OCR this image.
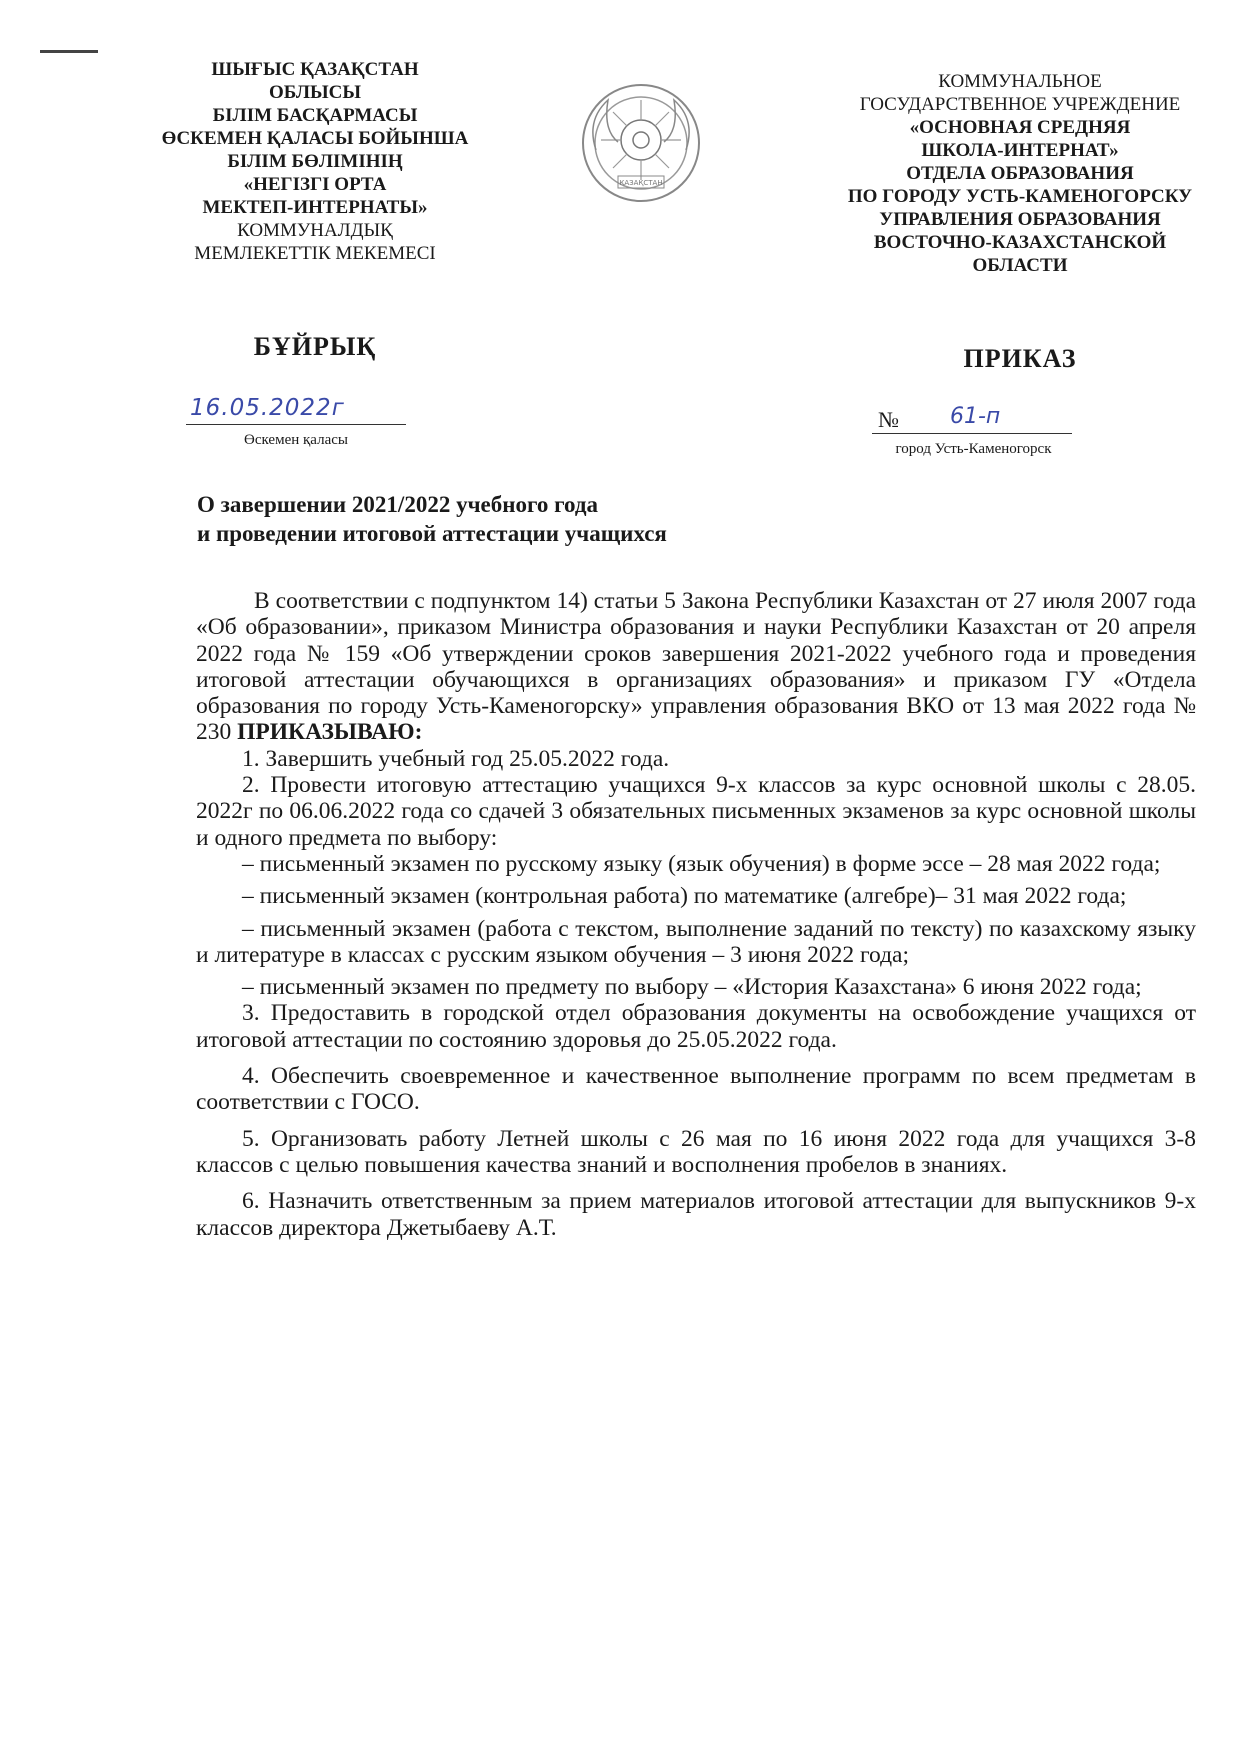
ШЫҒЫС ҚАЗАҚСТАН
ОБЛЫСЫ
БІЛІМ БАСҚАРМАСЫ
ӨСКЕМЕН ҚАЛАСЫ БОЙЫНША
БІЛІМ БӨЛІМІНІҢ
«НЕГІЗГІ ОРТА
МЕКТЕП-ИНТЕРНАТЫ»
КОММУНАЛДЫҚ
МЕМЛЕКЕТТІК МЕКЕМЕСІ
ҚАЗАҚСТАН
КОММУНАЛЬНОЕ
ГОСУДАРСТВЕННОЕ УЧРЕЖДЕНИЕ
«ОСНОВНАЯ СРЕДНЯЯ
ШКОЛА-ИНТЕРНАТ»
ОТДЕЛА ОБРАЗОВАНИЯ
ПО ГОРОДУ УСТЬ-КАМЕНОГОРСКУ
УПРАВЛЕНИЯ ОБРАЗОВАНИЯ
ВОСТОЧНО-КАЗАХСТАНСКОЙ
ОБЛАСТИ
БҰЙРЫҚ	ПРИКАЗ
16.05.2022г
Өскемен қаласы
№ 61-п
город Усть-Каменогорск
О завершении 2021/2022 учебного года
и проведении итоговой аттестации учащихся

В соответствии с подпунктом 14) статьи 5 Закона Республики Казахстан от 27 июля 2007 года «Об образовании», приказом Министра образования и науки Республики Казахстан от 20 апреля 2022 года № 159 «Об утверждении сроков завершения 2021-2022 учебного года и проведения итоговой аттестации обучающихся в организациях образования» и приказом ГУ «Отдела образования по городу Усть-Каменогорску» управления образования ВКО от 13 мая 2022 года № 230 ПРИКАЗЫВАЮ:

1. Завершить учебный год 25.05.2022 года.

2. Провести итоговую аттестацию учащихся 9-х классов за курс основной школы с 28.05. 2022г по 06.06.2022 года со сдачей 3 обязательных письменных экзаменов за курс основной школы и одного предмета по выбору:

– письменный экзамен по русскому языку (язык обучения) в форме эссе – 28 мая 2022 года;

– письменный экзамен (контрольная работа) по математике (алгебре)– 31 мая 2022 года;

– письменный экзамен (работа с текстом, выполнение заданий по тексту) по казахскому языку и литературе в классах с русским языком обучения – 3 июня 2022 года;

– письменный экзамен по предмету по выбору – «История Казахстана» 6 июня 2022 года;

3. Предоставить в городской отдел образования документы на освобождение учащихся от итоговой аттестации по состоянию здоровья до 25.05.2022 года.

4. Обеспечить своевременное и качественное выполнение программ по всем предметам в соответствии с ГОСО.

5. Организовать работу Летней школы с 26 мая по 16 июня 2022 года для учащихся 3-8 классов с целью повышения качества знаний и восполнения пробелов в знаниях.

6. Назначить ответственным за прием материалов итоговой аттестации для выпускников 9-х классов директора Джетыбаеву А.Т.
